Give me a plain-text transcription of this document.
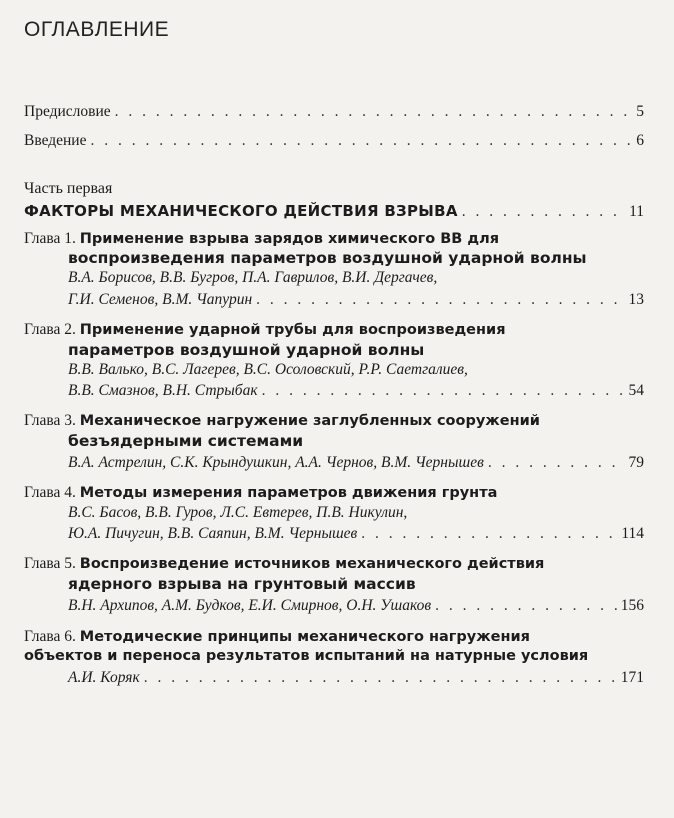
ОГЛАВЛЕНИЕ
Предисловие . . .	5
Введение . . .	6
Часть первая
ФАКТОРЫ МЕХАНИЧЕСКОГО ДЕЙСТВИЯ ВЗРЫВА . . .	11
Глава 1. Применение взрыва зарядов химического ВВ для
воспроизведения параметров воздушной ударной волны
В.А. Борисов, В.В. Бугров, П.А. Гаврилов, В.И. Дергачев,
Г.И. Семенов, В.М. Чапурин . . .	13
Глава 2. Применение ударной трубы для воспроизведения
параметров воздушной ударной волны
В.В. Валько, В.С. Лагерев, В.С. Осоловский, Р.Р. Саетгалиев,
В.В. Смазнов, В.Н. Стрыбак . . .	54
Глава 3. Механическое нагружение заглубленных сооружений
безъядерными системами
В.А. Астрелин, С.К. Крындушкин, А.А. Чернов, В.М. Чернышев . . .	79
Глава 4. Методы измерения параметров движения грунта
В.С. Басов, В.В. Гуров, Л.С. Евтерев, П.В. Никулин,
Ю.А. Пичугин, В.В. Саяпин, В.М. Чернышев . . .	114
Глава 5. Воспроизведение источников механического действия
ядерного взрыва на грунтовый массив
В.Н. Архипов, А.М. Будков, Е.И. Смирнов, О.Н. Ушаков . . .	156
Глава 6. Методические принципы механического нагружения
объектов и переноса результатов испытаний на натурные условия
А.И. Коряк . . .	171
